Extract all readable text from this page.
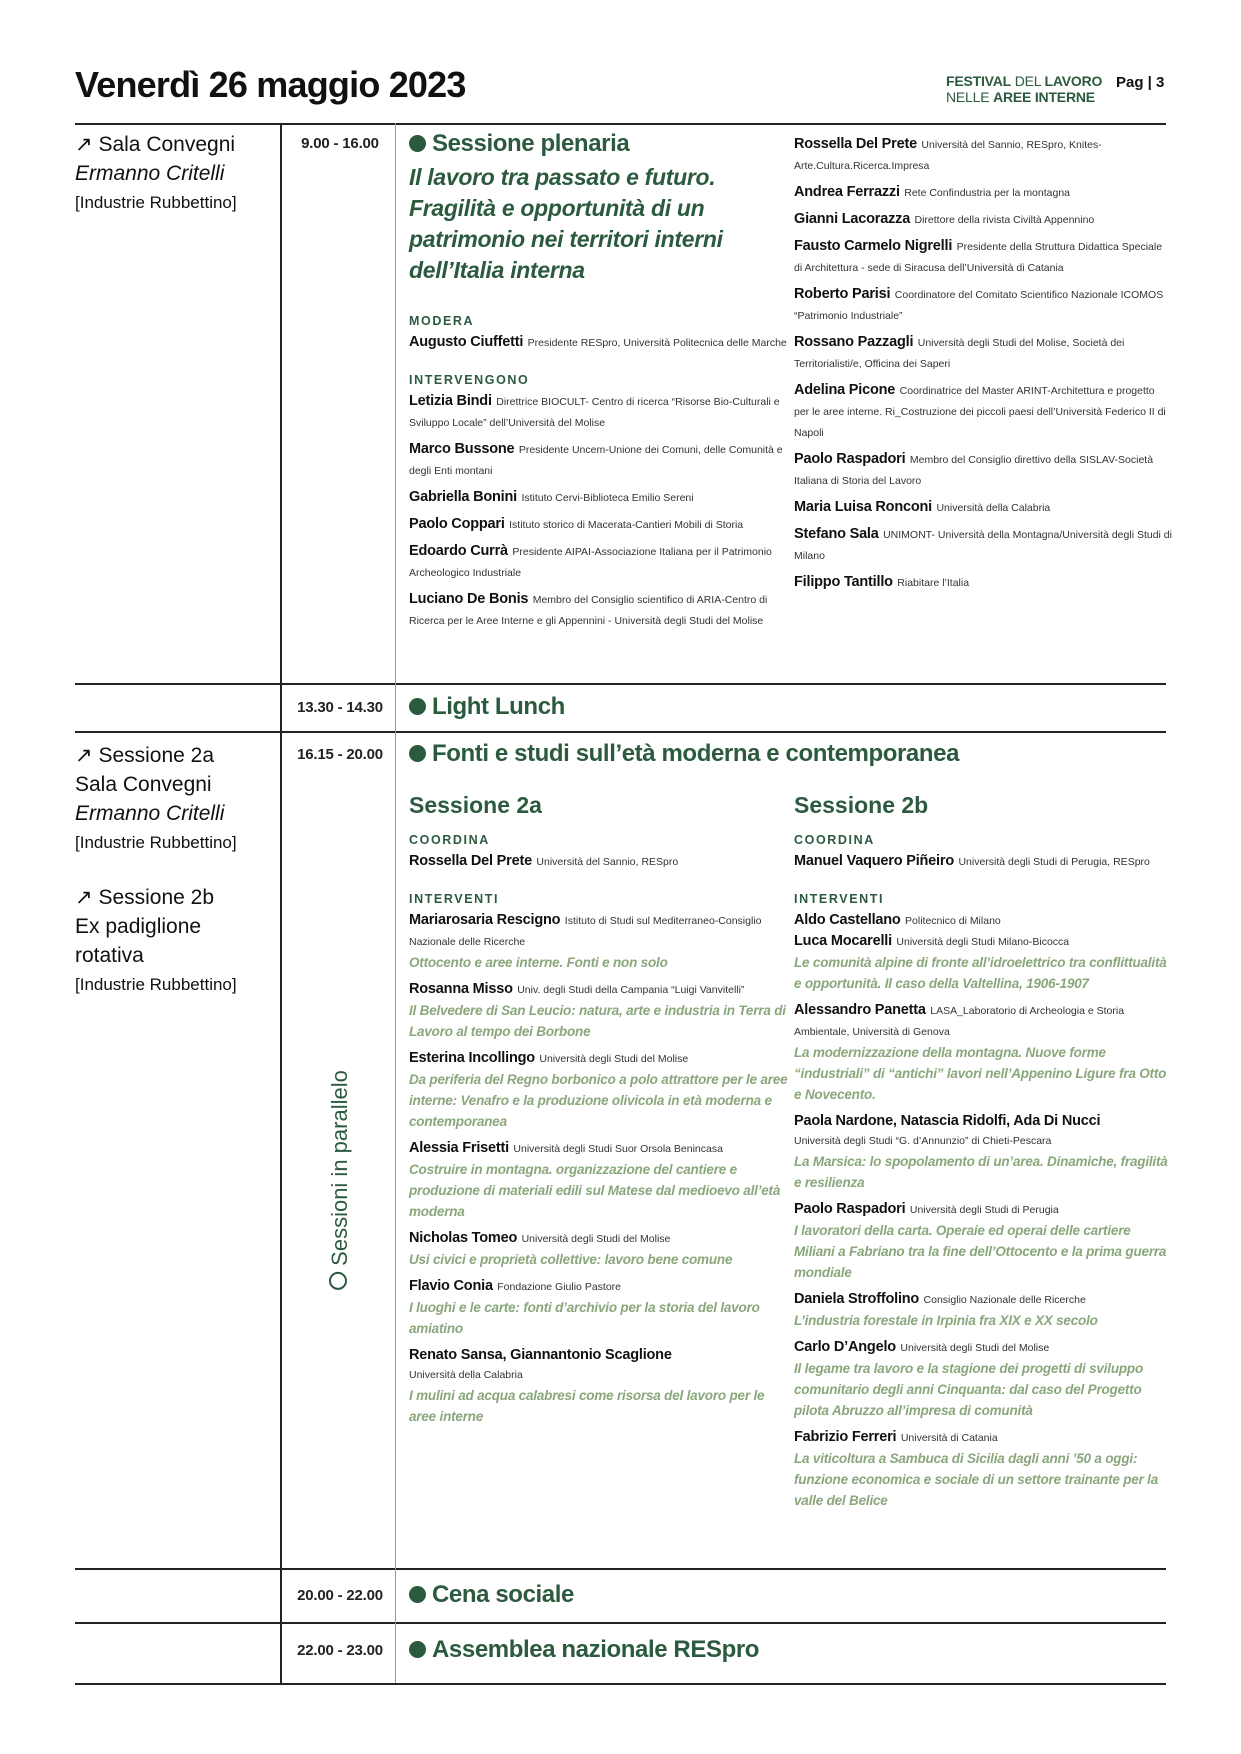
Venerdì 26 maggio 2023	FESTIVAL DEL LAVORO
NELLE AREE INTERNE
Pag | 3
↗ Sala Convegni
Ermanno Critelli
[Industrie Rubbettino]
9.00 - 16.00	Sessione plenaria
Il lavoro tra passato e futuro. Fragilità e opportunità di un patrimonio nei territori interni dell’Italia interna
MODERA
Augusto Ciuffetti Presidente RESpro, Università Politecnica delle Marche
INTERVENGONO
Letizia Bindi Direttrice BIOCULT- Centro di ricerca “Risorse Bio-Culturali e Sviluppo Locale” dell’Università del Molise
Marco Bussone Presidente Uncem-Unione dei Comuni, delle Comunità e degli Enti montani
Gabriella Bonini Istituto Cervi-Biblioteca Emilio Sereni
Paolo Coppari Istituto storico di Macerata-Cantieri Mobili di Storia
Edoardo Currà Presidente AIPAI-Associazione Italiana per il Patrimonio Archeologico Industriale
Luciano De Bonis Membro del Consiglio scientifico di ARIA-Centro di Ricerca per le Aree Interne e gli Appennini - Università degli Studi del Molise
Rossella Del Prete Università del Sannio, RESpro, Knites-Arte.Cultura.Ricerca.Impresa
Andrea Ferrazzi Rete Confindustria per la montagna
Gianni Lacorazza Direttore della rivista Civiltà Appennino
Fausto Carmelo Nigrelli Presidente della Struttura Didattica Speciale di Architettura - sede di Siracusa dell’Università di Catania
Roberto Parisi Coordinatore del Comitato Scientifico Nazionale ICOMOS “Patrimonio Industriale”
Rossano Pazzagli Università degli Studi del Molise, Società dei Territorialisti/e, Officina dei Saperi
Adelina Picone Coordinatrice del Master ARINT-Architettura e progetto per le aree interne. Ri_Costruzione dei piccoli paesi dell’Università Federico II di Napoli
Paolo Raspadori Membro del Consiglio direttivo della SISLAV-Società Italiana di Storia del Lavoro
Maria Luisa Ronconi Università della Calabria
Stefano Sala UNIMONT- Università della Montagna/Università degli Studi di Milano
Filippo Tantillo Riabitare l’Italia
13.30 - 14.30	Light Lunch
↗ Sessione 2a
Sala Convegni
Ermanno Critelli
[Industrie Rubbettino]
↗ Sessione 2b
Ex padiglione
rotativa
[Industrie Rubbettino]
16.15 - 20.00	Fonti e studi sull’età moderna e contemporanea
Sessioni in parallelo
Sessione 2a
COORDINA
Rossella Del Prete Università del Sannio, RESpro
INTERVENTI
Mariarosaria Rescigno Istituto di Studi sul Mediterraneo-Consiglio Nazionale delle Ricerche
Ottocento e aree interne. Fonti e non solo
Rosanna Misso Univ. degli Studi della Campania “Luigi Vanvitelli”
Il Belvedere di San Leucio: natura, arte e industria in Terra di Lavoro al tempo dei Borbone
Esterina Incollingo Università degli Studi del Molise
Da periferia del Regno borbonico a polo attrattore per le aree interne: Venafro e la produzione olivicola in età moderna e contemporanea
Alessia Frisetti Università degli Studi Suor Orsola Benincasa
Costruire in montagna. organizzazione del cantiere e produzione di materiali edili sul Matese dal medioevo all’età moderna
Nicholas Tomeo Università degli Studi del Molise
Usi civici e proprietà collettive: lavoro bene comune
Flavio Conia Fondazione Giulio Pastore
I luoghi e le carte: fonti d’archivio per la storia del lavoro amiatino
Renato Sansa, Giannantonio Scaglione
Università della Calabria
I mulini ad acqua calabresi come risorsa del lavoro per le aree interne
Sessione 2b
COORDINA
Manuel Vaquero Piñeiro Università degli Studi di Perugia, RESpro
INTERVENTI
Aldo Castellano Politecnico di Milano
Luca Mocarelli Università degli Studi Milano-Bicocca
Le comunità alpine di fronte all’idroelettrico tra conflittualità e opportunità. Il caso della Valtellina, 1906-1907
Alessandro Panetta LASA_Laboratorio di Archeologia e Storia Ambientale, Università di Genova
La modernizzazione della montagna. Nuove forme “industriali” di “antichi” lavori nell’Appenino Ligure fra Otto e Novecento.
Paola Nardone, Natascia Ridolfi, Ada Di Nucci
Università degli Studi “G. d’Annunzio” di Chieti-Pescara
La Marsica: lo spopolamento di un’area. Dinamiche, fragilità e resilienza
Paolo Raspadori Università degli Studi di Perugia
I lavoratori della carta. Operaie ed operai delle cartiere Miliani a Fabriano tra la fine dell’Ottocento e la prima guerra mondiale
Daniela Stroffolino Consiglio Nazionale delle Ricerche
L’industria forestale in Irpinia fra XIX e XX secolo
Carlo D’Angelo Università degli Studi del Molise
Il legame tra lavoro e la stagione dei progetti di sviluppo comunitario degli anni Cinquanta: dal caso del Progetto pilota Abruzzo all’impresa di comunità
Fabrizio Ferreri Università di Catania
La viticoltura a Sambuca di Sicilia dagli anni ’50 a oggi: funzione economica e sociale di un settore trainante per la valle del Belice
20.00 - 22.00	Cena sociale
22.00 - 23.00	Assemblea nazionale RESpro
